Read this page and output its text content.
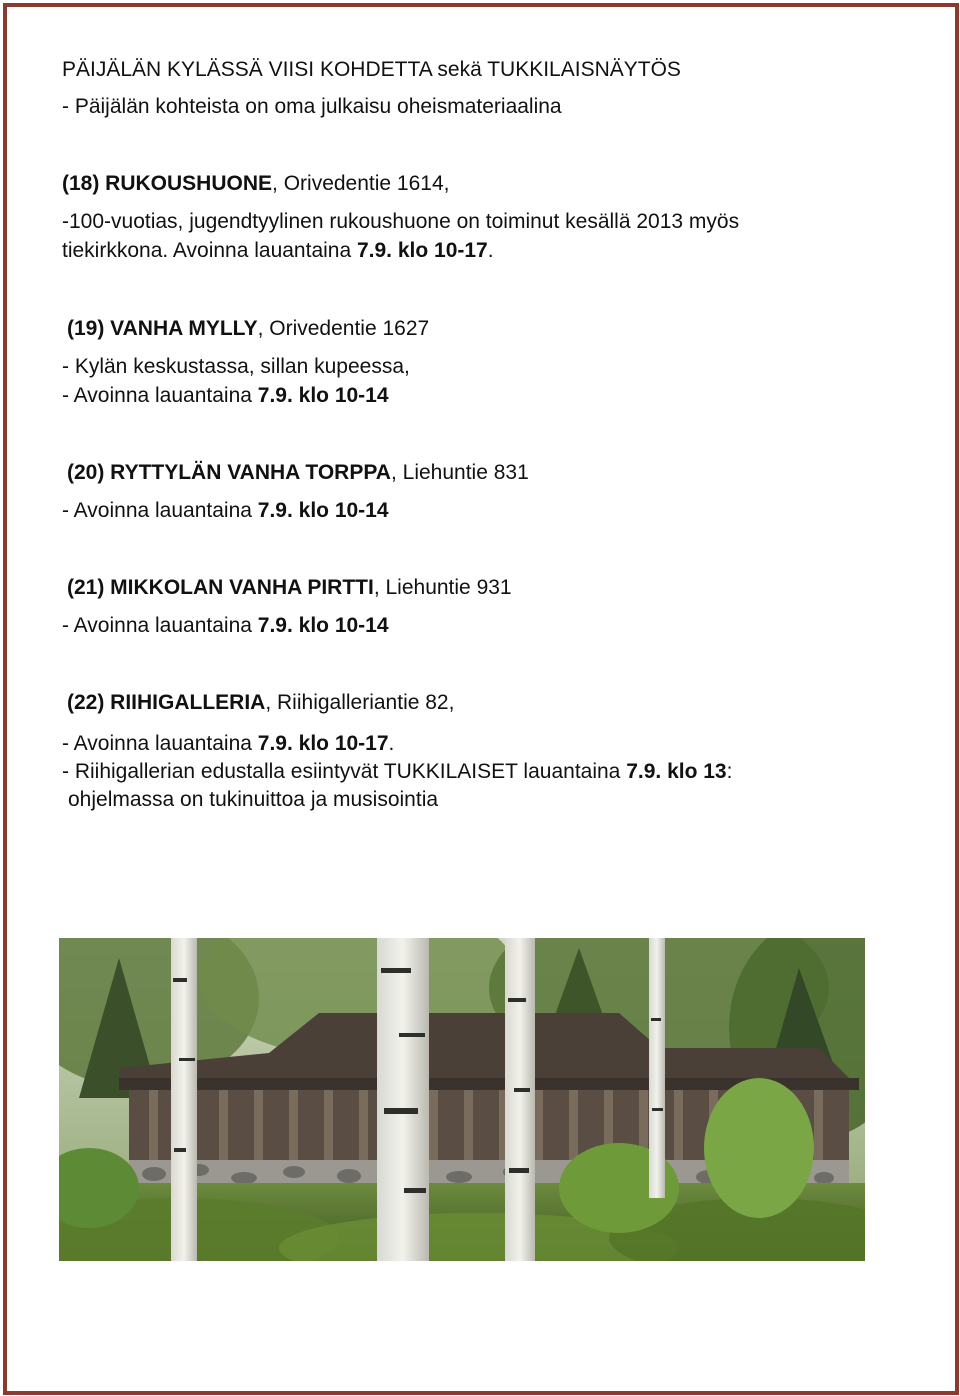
PÄIJÄLÄN KYLÄSSÄ VIISI KOHDETTA sekä TUKKILAISNÄYTÖS

- Päijälän kohteista on oma julkaisu oheismateriaalina

(18) RUKOUSHUONE, Orivedentie 1614,

-100-vuotias, jugendtyylinen rukoushuone on toiminut kesällä 2013 myös

tiekirkkona. Avoinna lauantaina 7.9. klo 10-17.

(19) VANHA MYLLY, Orivedentie 1627

- Kylän keskustassa, sillan kupeessa,

- Avoinna lauantaina 7.9. klo 10-14

(20) RYTTYLÄN VANHA TORPPA, Liehuntie 831

- Avoinna lauantaina 7.9. klo 10-14

(21) MIKKOLAN VANHA PIRTTI, Liehuntie 931

- Avoinna lauantaina 7.9. klo 10-14

(22) RIIHIGALLERIA, Riihigalleriantie 82,

- Avoinna lauantaina 7.9. klo 10-17.

- Riihigallerian edustalla esiintyvät TUKKILAISET lauantaina 7.9. klo 13:

ohjelmassa on tukinuittoa ja musisointia
